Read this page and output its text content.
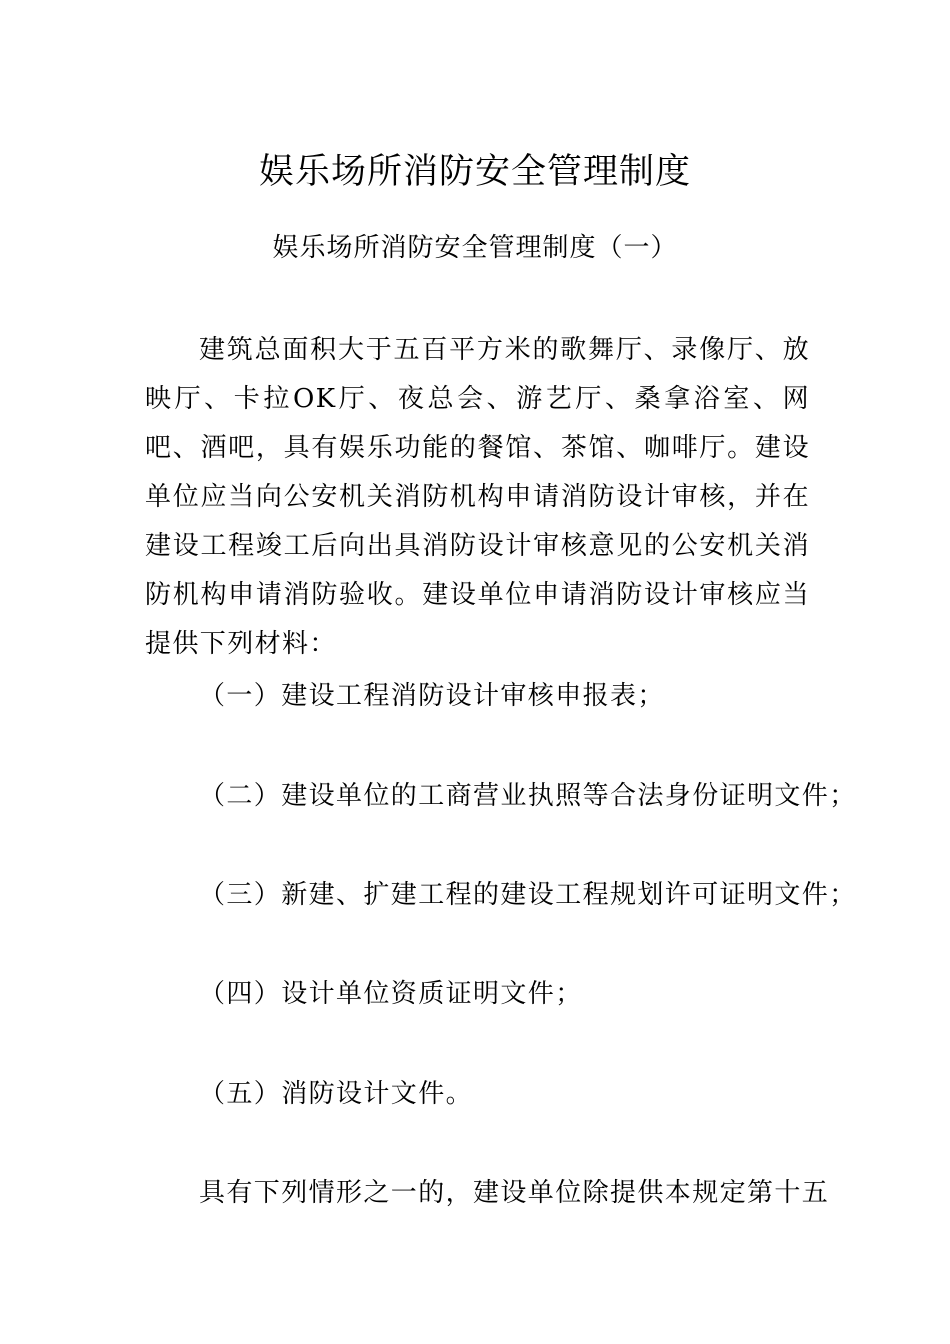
娱乐场所消防安全管理制度
娱乐场所消防安全管理制度（一）

建筑总面积大于五百平方米的歌舞厅、录像厅、放映厅、卡拉OK厅、夜总会、游艺厅、桑拿浴室、网吧、酒吧，具有娱乐功能的餐馆、茶馆、咖啡厅。建设单位应当向公安机关消防机构申请消防设计审核，并在建设工程竣工后向出具消防设计审核意见的公安机关消防机构申请消防验收。建设单位申请消防设计审核应当提供下列材料：

（一）建设工程消防设计审核申报表；

（二）建设单位的工商营业执照等合法身份证明文件；

（三）新建、扩建工程的建设工程规划许可证明文件；

（四）设计单位资质证明文件；

（五）消防设计文件。

具有下列情形之一的，建设单位除提供本规定第十五
